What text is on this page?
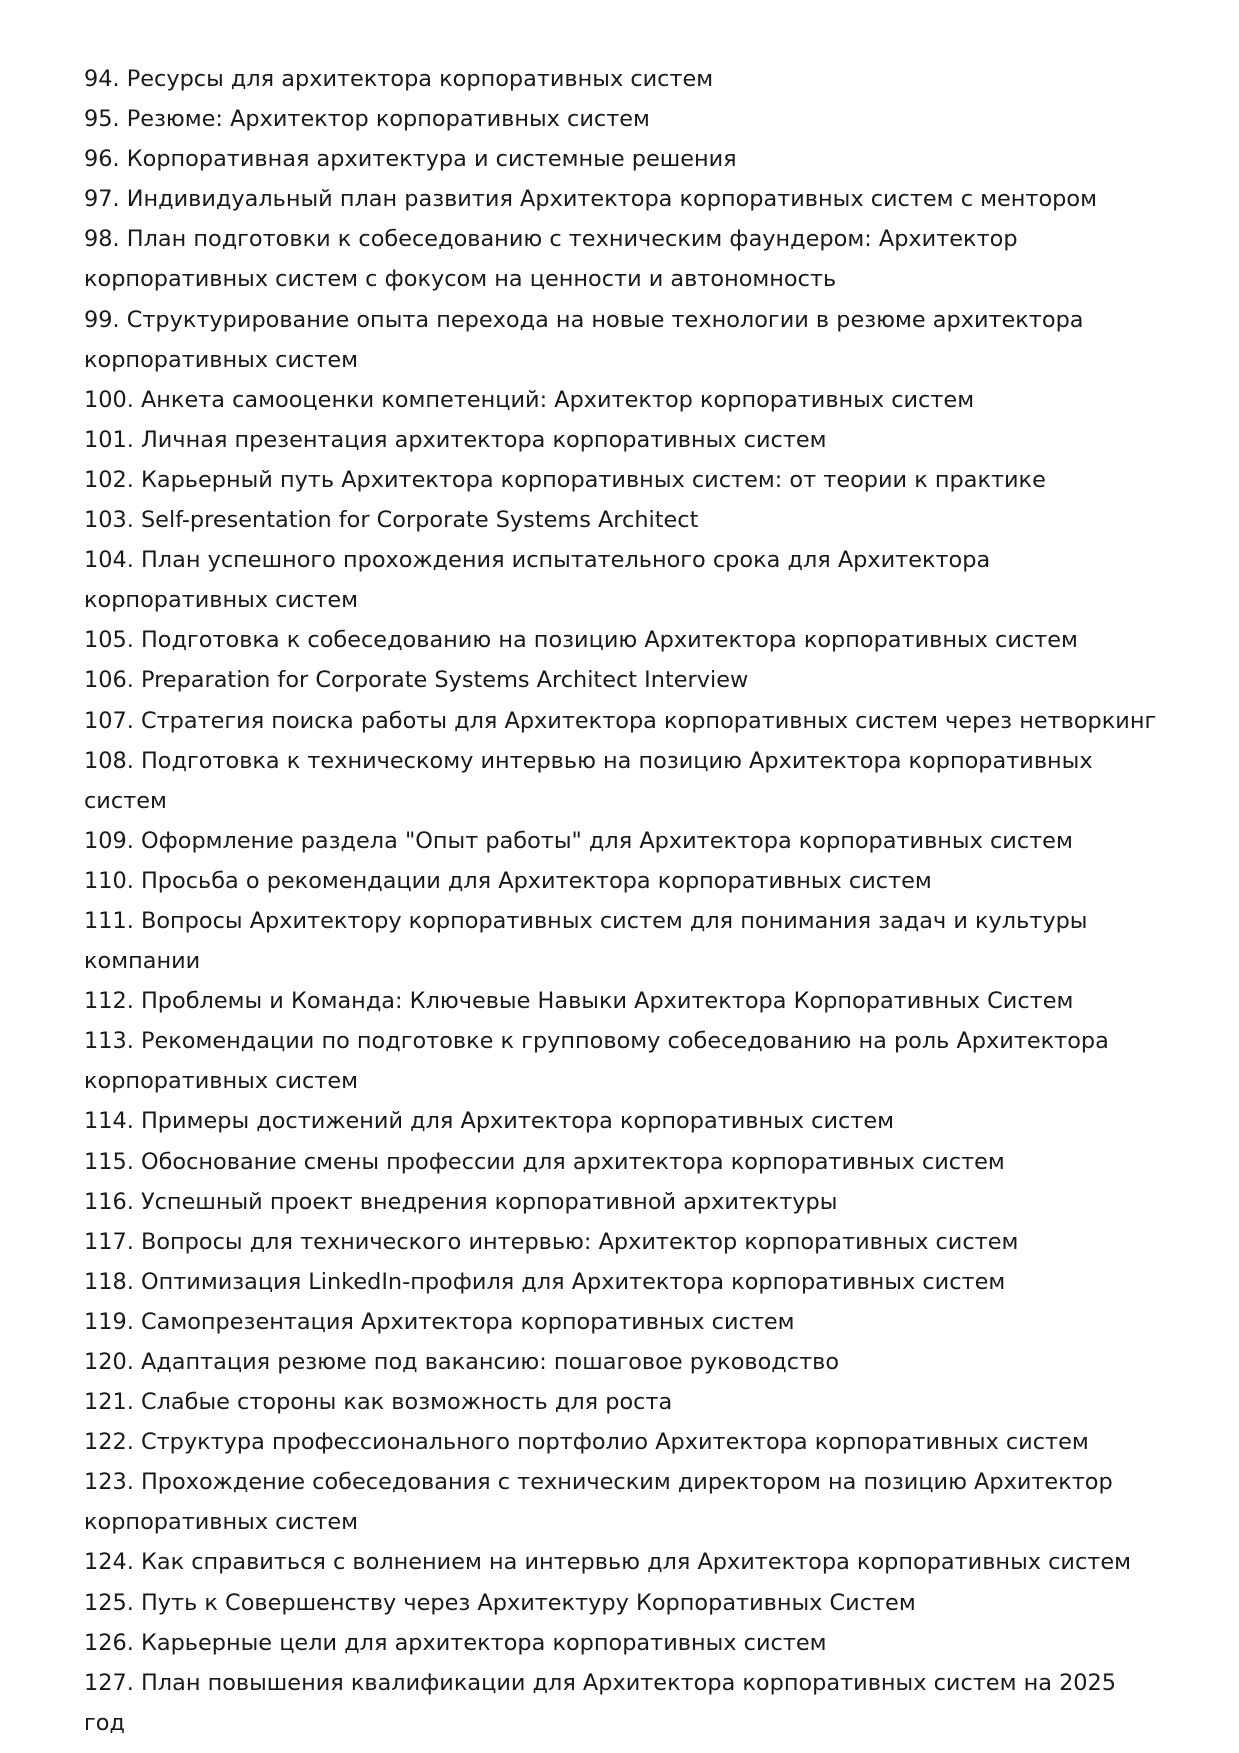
94. Ресурсы для архитектора корпоративных систем
95. Резюме: Архитектор корпоративных систем
96. Корпоративная архитектура и системные решения
97. Индивидуальный план развития Архитектора корпоративных систем с ментором
98. План подготовки к собеседованию с техническим фаундером: Архитектор корпоративных систем с фокусом на ценности и автономность
99. Структурирование опыта перехода на новые технологии в резюме архитектора корпоративных систем
100. Анкета самооценки компетенций: Архитектор корпоративных систем
101. Личная презентация архитектора корпоративных систем
102. Карьерный путь Архитектора корпоративных систем: от теории к практике
103. Self-presentation for Corporate Systems Architect
104. План успешного прохождения испытательного срока для Архитектора корпоративных систем
105. Подготовка к собеседованию на позицию Архитектора корпоративных систем
106. Preparation for Corporate Systems Architect Interview
107. Стратегия поиска работы для Архитектора корпоративных систем через нетворкинг
108. Подготовка к техническому интервью на позицию Архитектора корпоративных систем
109. Оформление раздела "Опыт работы" для Архитектора корпоративных систем
110. Просьба о рекомендации для Архитектора корпоративных систем
111. Вопросы Архитектору корпоративных систем для понимания задач и культуры компании
112. Проблемы и Команда: Ключевые Навыки Архитектора Корпоративных Систем
113. Рекомендации по подготовке к групповому собеседованию на роль Архитектора корпоративных систем
114. Примеры достижений для Архитектора корпоративных систем
115. Обоснование смены профессии для архитектора корпоративных систем
116. Успешный проект внедрения корпоративной архитектуры
117. Вопросы для технического интервью: Архитектор корпоративных систем
118. Оптимизация LinkedIn-профиля для Архитектора корпоративных систем
119. Самопрезентация Архитектора корпоративных систем
120. Адаптация резюме под вакансию: пошаговое руководство
121. Слабые стороны как возможность для роста
122. Структура профессионального портфолио Архитектора корпоративных систем
123. Прохождение собеседования с техническим директором на позицию Архитектор корпоративных систем
124. Как справиться с волнением на интервью для Архитектора корпоративных систем
125. Путь к Совершенству через Архитектуру Корпоративных Систем
126. Карьерные цели для архитектора корпоративных систем
127. План повышения квалификации для Архитектора корпоративных систем на 2025 год
